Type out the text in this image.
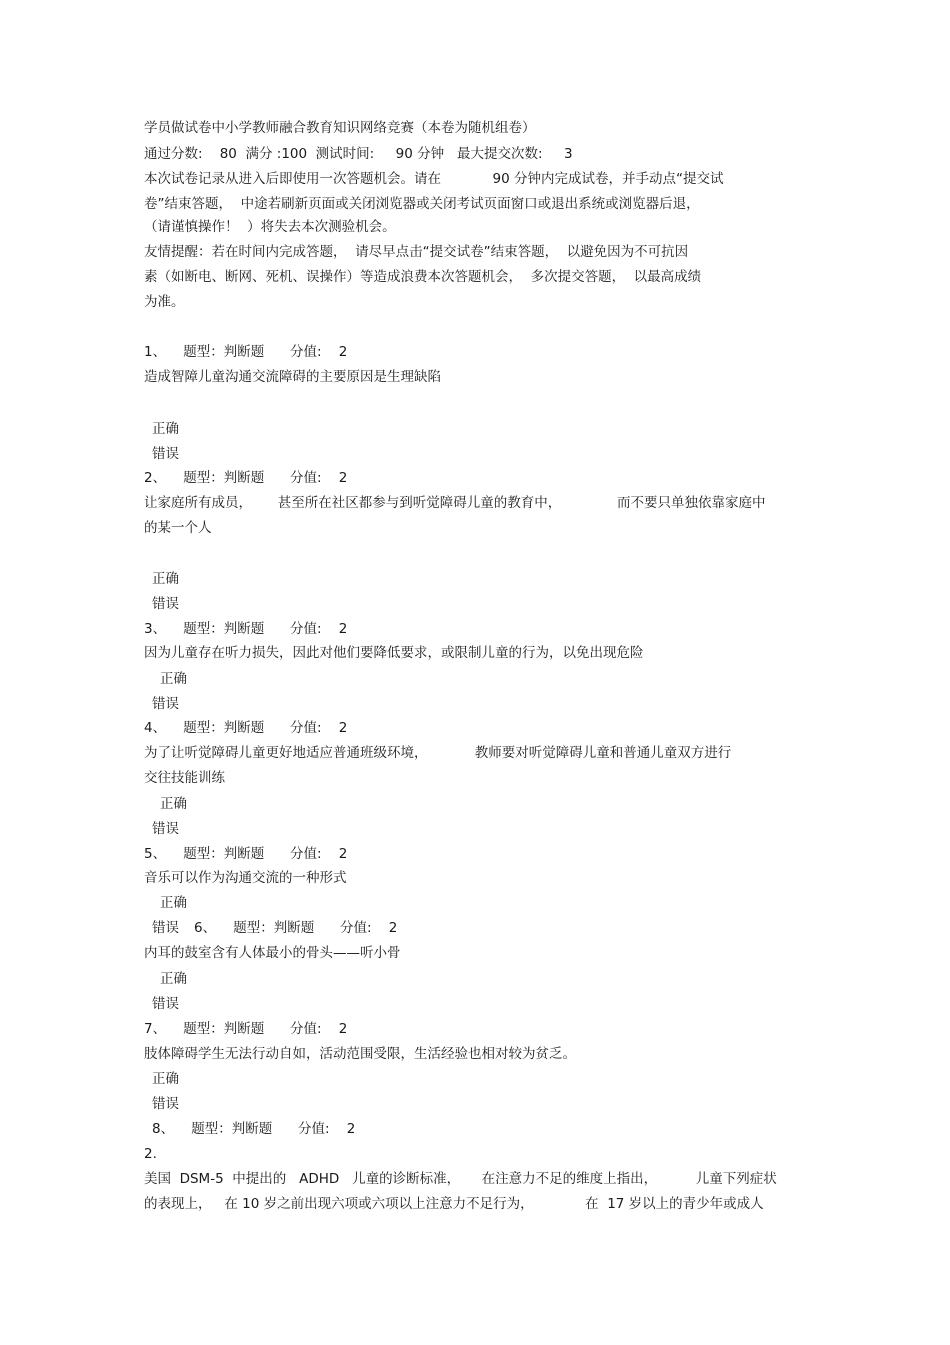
学员做试卷中小学教师融合教育知识网络竞赛（本卷为随机组卷）
通过分数:    80  满分 :100  测试时间:     90 分钟   最大提交次数:     3
本次试卷记录从进入后即使用一次答题机会。请在            90 分钟内完成试卷，并手动点“提交试
卷”结束答题，  中途若刷新页面或关闭浏览器或关闭考试页面窗口或退出系统或浏览器后退，
（请谨慎操作！  ）将失去本次测验机会。
友情提醒：若在时间内完成答题，  请尽早点击“提交试卷”结束答题，  以避免因为不可抗因
素（如断电、断网、死机、误操作）等造成浪费本次答题机会，  多次提交答题，  以最高成绩
为准。
1、    题型：判断题      分值:    2
造成智障儿童沟通交流障碍的主要原因是生理缺陷
正确
错误
2、    题型：判断题      分值:    2
让家庭所有成员，      甚至所在社区都参与到听觉障碍儿童的教育中，             而不要只单独依靠家庭中
的某一个人
正确
错误
3、    题型：判断题      分值:    2
因为儿童存在听力损失，因此对他们要降低要求，或限制儿童的行为，以免出现危险
正确
错误
4、    题型：判断题      分值:    2
为了让听觉障碍儿童更好地适应普通班级环境，           教师要对听觉障碍儿童和普通儿童双方进行
交往技能训练
正确
错误
5、    题型：判断题      分值:    2
音乐可以作为沟通交流的一种形式
正确
错误 6、    题型：判断题      分值:    2
内耳的鼓室含有人体最小的骨头——听小骨
正确
错误
7、    题型：判断题      分值:    2
肢体障碍学生无法行动自如，活动范围受限，生活经验也相对较为贫乏。
正确
错误
8、    题型：判断题      分值:    2
2.
美国  DSM-5  中提出的   ADHD   儿童的诊断标准，     在注意力不足的维度上指出，         儿童下列症状
的表现上，   在 10 岁之前出现六项或六项以上注意力不足行为，            在  17 岁以上的青少年或成人
